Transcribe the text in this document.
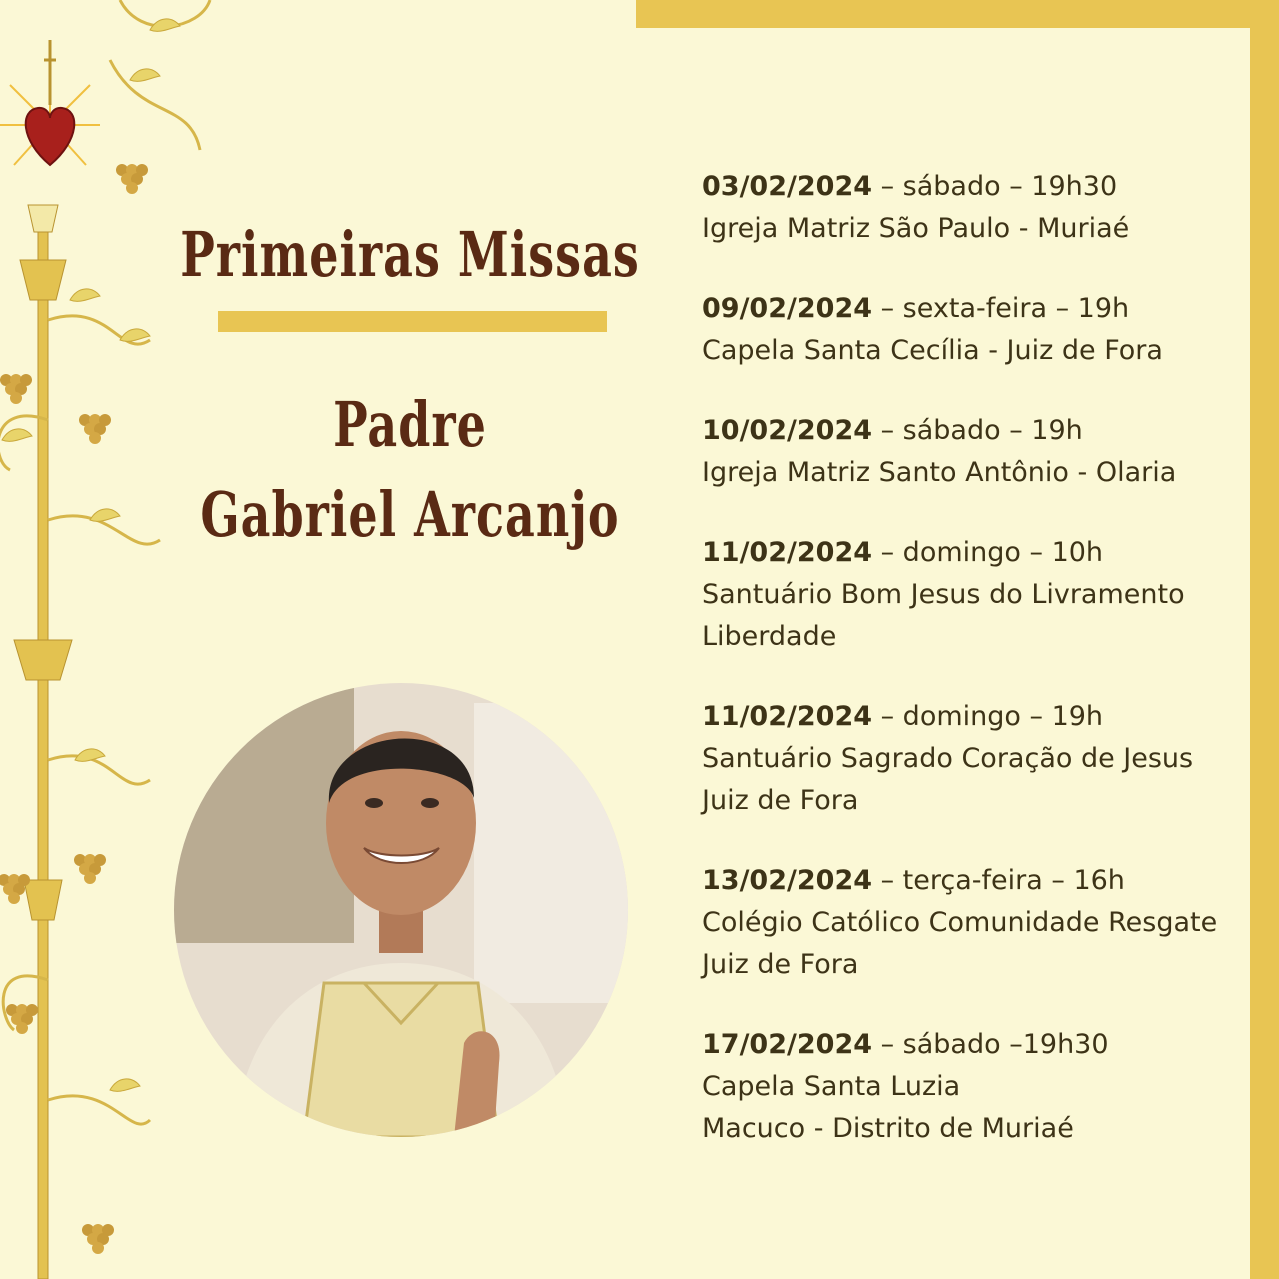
Primeiras Missas
Padre
Gabriel Arcanjo

03/02/2024 – sábado – 19h30

Igreja Matriz São Paulo - Muriaé

09/02/2024 – sexta-feira – 19h

Capela Santa Cecília - Juiz de Fora

10/02/2024 – sábado – 19h

Igreja Matriz Santo Antônio - Olaria

11/02/2024 – domingo – 10h

Santuário Bom Jesus do Livramento

Liberdade

11/02/2024 – domingo – 19h

Santuário Sagrado Coração de Jesus

Juiz de Fora

13/02/2024 – terça-feira – 16h

Colégio Católico Comunidade Resgate

Juiz de Fora

17/02/2024 – sábado –19h30

Capela Santa Luzia

Macuco - Distrito de Muriaé
